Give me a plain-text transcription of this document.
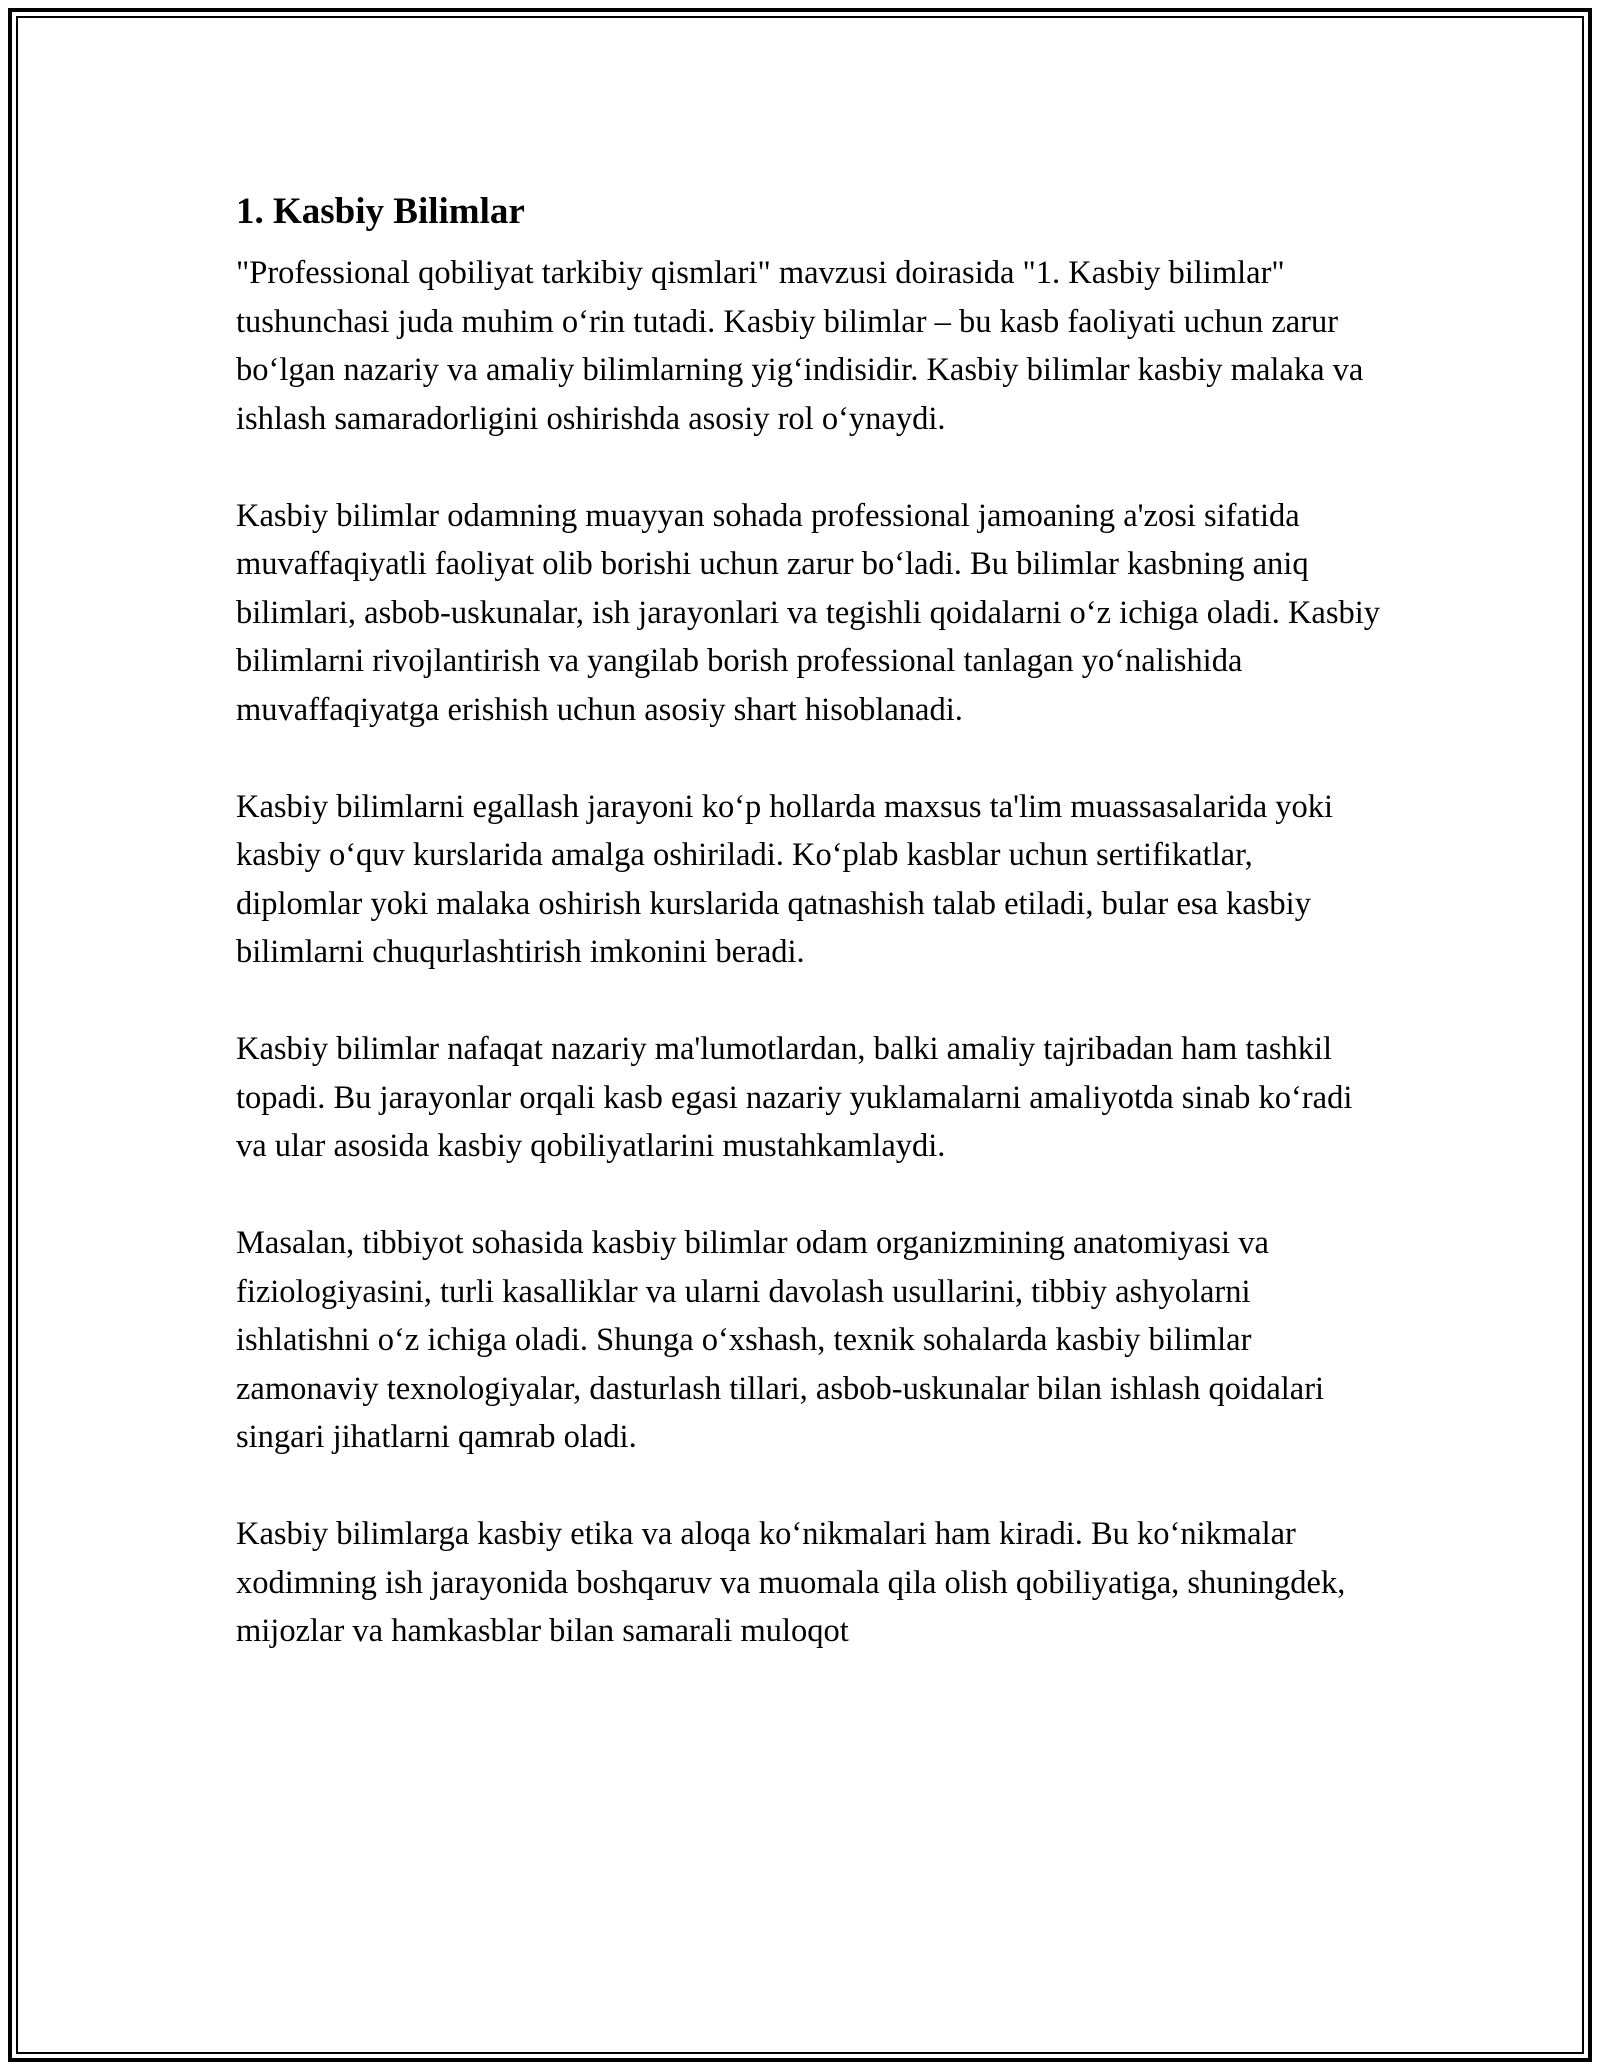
1. Kasbiy Bilimlar

"Professional qobiliyat tarkibiy qismlari" mavzusi doirasida "1. Kasbiy bilimlar" tushunchasi juda muhim oʻrin tutadi. Kasbiy bilimlar – bu kasb faoliyati uchun zarur boʻlgan nazariy va amaliy bilimlarning yigʻindisidir. Kasbiy bilimlar kasbiy malaka va ishlash samaradorligini oshirishda asosiy rol oʻynaydi.

Kasbiy bilimlar odamning muayyan sohada professional jamoaning a'zosi sifatida muvaffaqiyatli faoliyat olib borishi uchun zarur boʻladi. Bu bilimlar kasbning aniq bilimlari, asbob-uskunalar, ish jarayonlari va tegishli qoidalarni oʻz ichiga oladi. Kasbiy bilimlarni rivojlantirish va yangilab borish professional tanlagan yoʻnalishida muvaffaqiyatga erishish uchun asosiy shart hisoblanadi.

Kasbiy bilimlarni egallash jarayoni koʻp hollarda maxsus ta'lim muassasalarida yoki kasbiy oʻquv kurslarida amalga oshiriladi. Koʻplab kasblar uchun sertifikatlar, diplomlar yoki malaka oshirish kurslarida qatnashish talab etiladi, bular esa kasbiy bilimlarni chuqurlashtirish imkonini beradi.

Kasbiy bilimlar nafaqat nazariy ma'lumotlardan, balki amaliy tajribadan ham tashkil topadi. Bu jarayonlar orqali kasb egasi nazariy yuklamalarni amaliyotda sinab koʻradi va ular asosida kasbiy qobiliyatlarini mustahkamlaydi.

Masalan, tibbiyot sohasida kasbiy bilimlar odam organizmining anatomiyasi va fiziologiyasini, turli kasalliklar va ularni davolash usullarini, tibbiy ashyolarni ishlatishni oʻz ichiga oladi. Shunga oʻxshash, texnik sohalarda kasbiy bilimlar zamonaviy texnologiyalar, dasturlash tillari, asbob-uskunalar bilan ishlash qoidalari singari jihatlarni qamrab oladi.

Kasbiy bilimlarga kasbiy etika va aloqa koʻnikmalari ham kiradi. Bu koʻnikmalar xodimning ish jarayonida boshqaruv va muomala qila olish qobiliyatiga, shuningdek, mijozlar va hamkasblar bilan samarali muloqot
